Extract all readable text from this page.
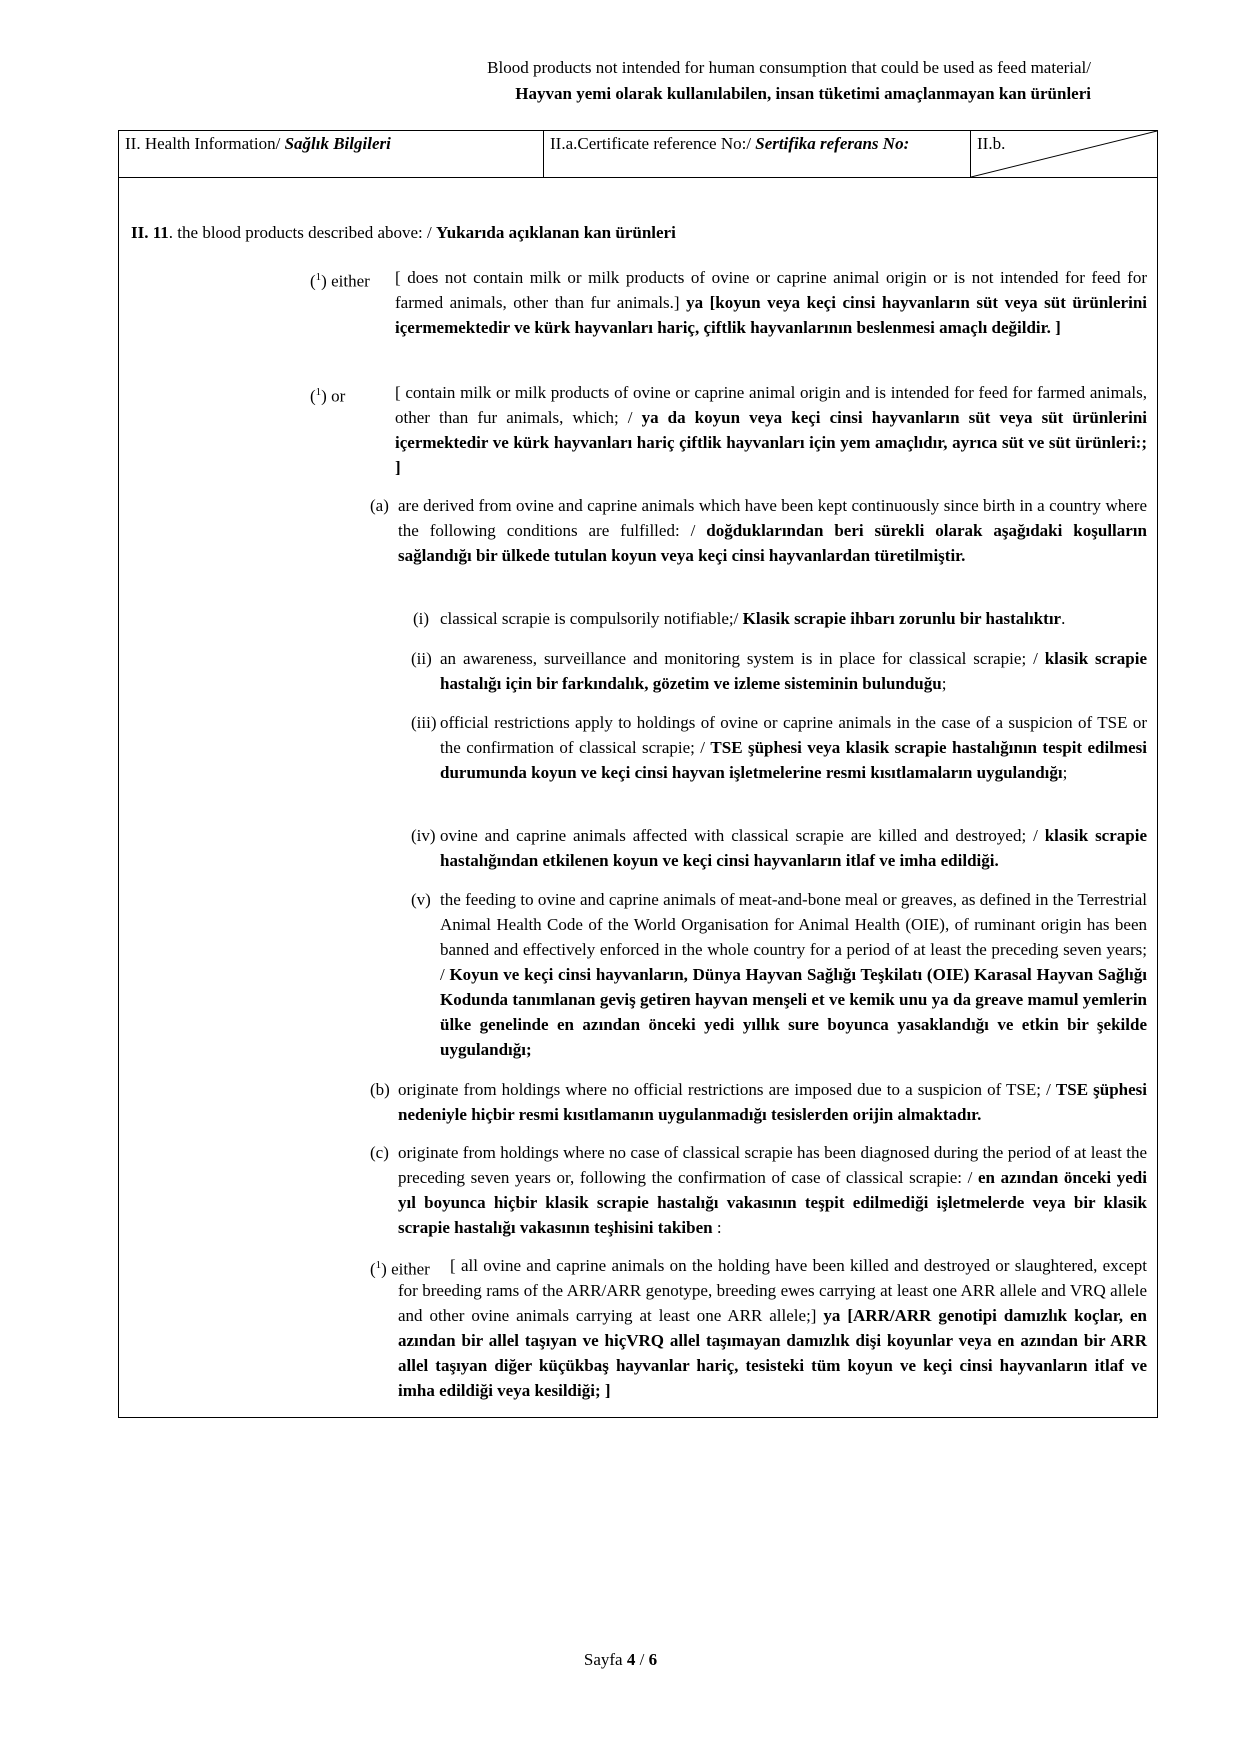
Blood products not intended for human consumption that could be used as feed material/
Hayvan yemi olarak kullanılabilen, insan tüketimi amaçlanmayan kan ürünleri
II. Health Information/ Sağlık Bilgileri	II.a.Certificate reference No:/ Sertifika referans No:	II.b.
II. 11. the blood products described above: / Yukarıda açıklanan kan ürünleri
($^1$) either [ does not contain milk or milk products of ovine or caprine animal origin or is not intended for feed for farmed animals, other than fur animals.] ya [koyun veya keçi cinsi hayvanların süt veya süt ürünlerini içermemektedir ve kürk hayvanları hariç, çiftlik hayvanlarının beslenmesi amaçlı değildir. ]
($^1$) or	[ contain milk or milk products of ovine or caprine animal origin and is intended for feed for farmed animals, other than fur animals, which; / ya da koyun veya keçi cinsi hayvanların süt veya süt ürünlerini içermektedir ve kürk hayvanları hariç çiftlik hayvanları için yem amaçlıdır, ayrıca süt ve süt ürünleri:; ]
(a) are derived from ovine and caprine animals which have been kept continuously since birth in a country where the following conditions are fulfilled: / doğduklarından beri sürekli olarak aşağıdaki koşulların sağlandığı bir ülkede tutulan koyun veya keçi cinsi hayvanlardan türetilmiştir.
(i) classical scrapie is compulsorily notifiable;/ Klasik scrapie ihbarı zorunlu bir hastalıktır.
(ii) an awareness, surveillance and monitoring system is in place for classical scrapie; / klasik scrapie hastalığı için bir farkındalık, gözetim ve izleme sisteminin bulunduğu;
(iii) official restrictions apply to holdings of ovine or caprine animals in the case of a suspicion of TSE or the confirmation of classical scrapie; / TSE şüphesi veya klasik scrapie hastalığının tespit edilmesi durumunda koyun ve keçi cinsi hayvan işletmelerine resmi kısıtlamaların uygulandığı;
(iv) ovine and caprine animals affected with classical scrapie are killed and destroyed; / klasik scrapie hastalığından etkilenen koyun ve keçi cinsi hayvanların itlaf ve imha edildiği.
(v) the feeding to ovine and caprine animals of meat-and-bone meal or greaves, as defined in the Terrestrial Animal Health Code of the World Organisation for Animal Health (OIE), of ruminant origin has been banned and effectively enforced in the whole country for a period of at least the preceding seven years; / Koyun ve keçi cinsi hayvanların, Dünya Hayvan Sağlığı Teşkilatı (OIE) Karasal Hayvan Sağlığı Kodunda tanımlanan geviş getiren hayvan menşeli et ve kemik unu ya da greave mamul yemlerin ülke genelinde en azından önceki yedi yıllık sure boyunca yasaklandığı ve etkin bir şekilde uygulandığı;
(b) originate from holdings where no official restrictions are imposed due to a suspicion of TSE; / TSE şüphesi nedeniyle hiçbir resmi kısıtlamanın uygulanmadığı tesislerden orijin almaktadır.
(c) originate from holdings where no case of classical scrapie has been diagnosed during the period of at least the preceding seven years or, following the confirmation of case of classical scrapie: / en azından önceki yedi yıl boyunca hiçbir klasik scrapie hastalığı vakasının teşpit edilmediği işletmelerde veya bir klasik scrapie hastalığı vakasının teşhisini takiben :
($^1$) either	[ all ovine and caprine animals on the holding have been killed and destroyed or slaughtered, except for breeding rams of the ARR/ARR genotype, breeding ewes carrying at least one ARR allele and VRQ allele and other ovine animals carrying at least one ARR allele;] ya [ARR/ARR genotipi damızlık koçlar, en azından bir allel taşıyan ve hiçVRQ allel taşımayan damızlık dişi koyunlar veya en azından bir ARR allel taşıyan diğer küçükbaş hayvanlar hariç, tesisteki tüm koyun ve keçi cinsi hayvanların itlaf ve imha edildiği veya kesildiği; ]
Sayfa 4 / 6
